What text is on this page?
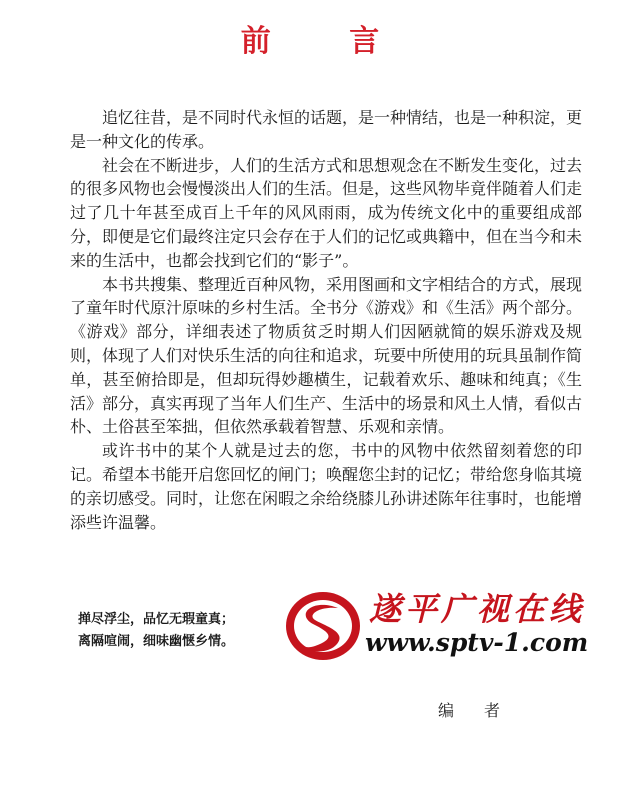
前 言

追忆往昔，是不同时代永恒的话题，是一种情结，也是一种积淀，更是一种文化的传承。

社会在不断进步，人们的生活方式和思想观念在不断发生变化，过去的很多风物也会慢慢淡出人们的生活。但是，这些风物毕竟伴随着人们走过了几十年甚至成百上千年的风风雨雨，成为传统文化中的重要组成部分，即便是它们最终注定只会存在于人们的记忆或典籍中，但在当今和未来的生活中，也都会找到它们的“影子”。

本书共搜集、整理近百种风物，采用图画和文字相结合的方式，展现了童年时代原汁原味的乡村生活。全书分《游戏》和《生活》两个部分。《游戏》部分，详细表述了物质贫乏时期人们因陋就简的娱乐游戏及规则，体现了人们对快乐生活的向往和追求，玩要中所使用的玩具虽制作简单，甚至俯拾即是，但却玩得妙趣横生，记载着欢乐、趣味和纯真；《生活》部分，真实再现了当年人们生产、生活中的场景和风土人情，看似古朴、土俗甚至笨拙，但依然承载着智慧、乐观和亲情。

或许书中的某个人就是过去的您，书中的风物中依然留刻着您的印记。希望本书能开启您回忆的闸门；唤醒您尘封的记忆；带给您身临其境的亲切感受。同时，让您在闲暇之余给绕膝儿孙讲述陈年往事时，也能增添些许温馨。

掸尽浮尘，品忆无瑕童真；
离隔喧闹，细味幽惬乡情。
遂平广视在线
www.sptv-1.com
编者
